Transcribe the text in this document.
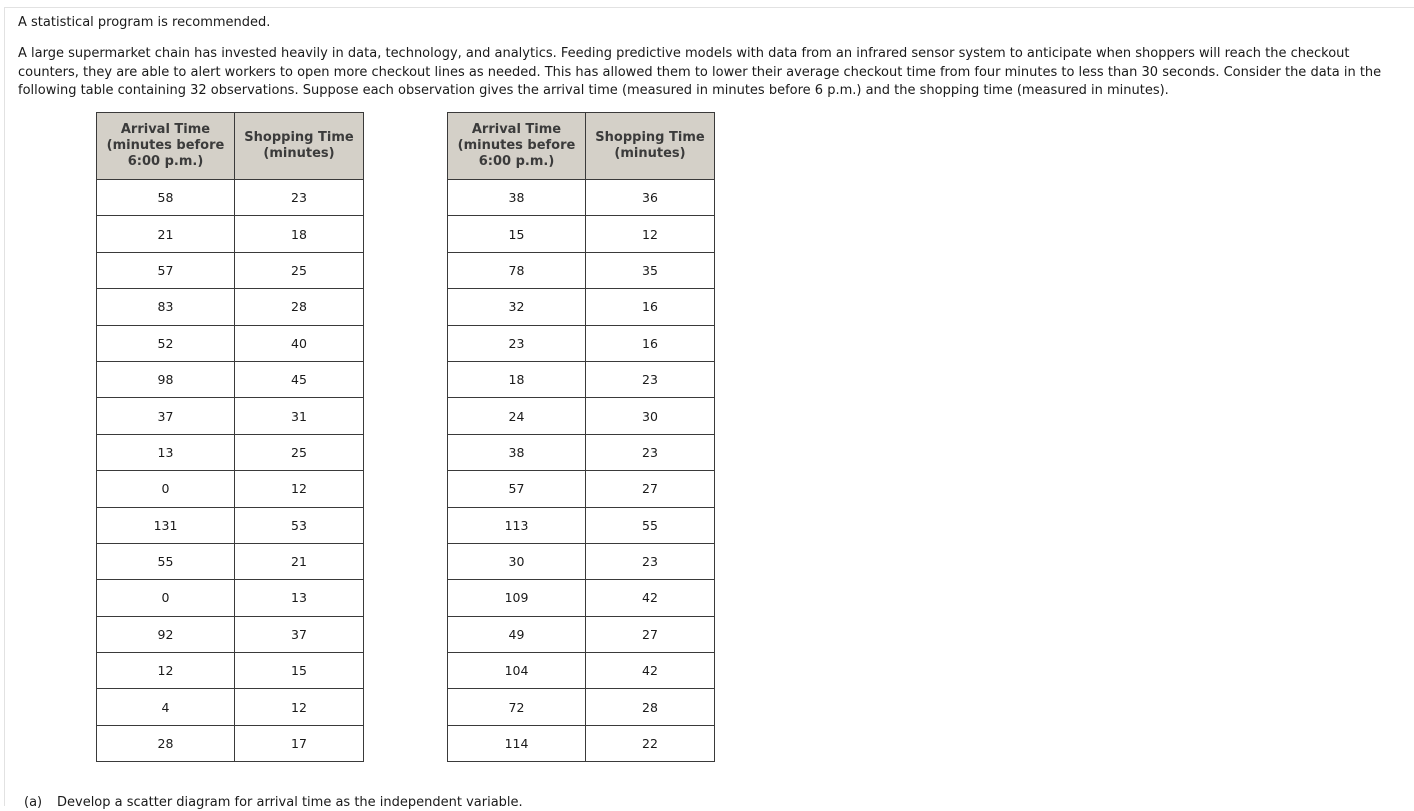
A statistical program is recommended.
A large supermarket chain has invested heavily in data, technology, and analytics. Feeding predictive models with data from an infrared sensor system to anticipate when shoppers will reach the checkout counters, they are able to alert workers to open more checkout lines as needed. This has allowed them to lower their average checkout time from four minutes to less than 30 seconds. Consider the data in the following table containing 32 observations. Suppose each observation gives the arrival time (measured in minutes before 6 p.m.) and the shopping time (measured in minutes).
Arrival Time
(minutes before
6:00 p.m.)	Shopping Time
(minutes)
58	23
21	18
57	25
83	28
52	40
98	45
37	31
13	25
0	12
131	53
55	21
0	13
92	37
12	15
4	12
28	17
Arrival Time
(minutes before
6:00 p.m.)	Shopping Time
(minutes)
38	36
15	12
78	35
32	16
23	16
18	23
24	30
38	23
57	27
113	55
30	23
109	42
49	27
104	42
72	28
114	22
(a) Develop a scatter diagram for arrival time as the independent variable.
